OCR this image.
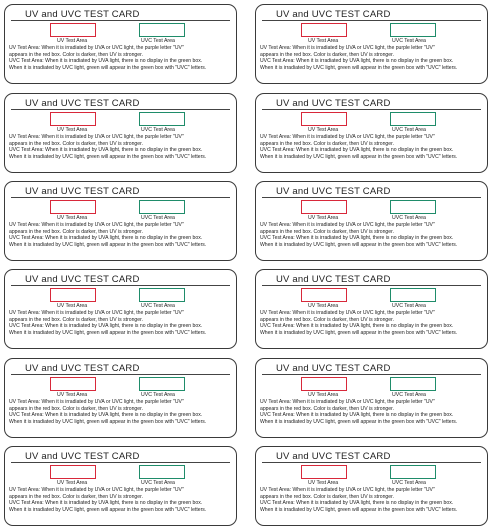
UV and UVC TEST CARD
UV Test Area	UVC Test Area
UV Test Area: When it is irradiated by UVA or UVC light, the purple letter "UV"
appears in the red box. Color is darker, then UV is stronger.
UVC Test Area: When it is irradiated by UVA light, there is no display in the green box.
When it is irradiated by UVC light, green will appear in the green box with "UVC" letters.
UV and UVC TEST CARD
UV Test Area	UVC Test Area
UV Test Area: When it is irradiated by UVA or UVC light, the purple letter "UV"
appears in the red box. Color is darker, then UV is stronger.
UVC Test Area: When it is irradiated by UVA light, there is no display in the green box.
When it is irradiated by UVC light, green will appear in the green box with "UVC" letters.
UV and UVC TEST CARD
UV Test Area	UVC Test Area
UV Test Area: When it is irradiated by UVA or UVC light, the purple letter "UV"
appears in the red box. Color is darker, then UV is stronger.
UVC Test Area: When it is irradiated by UVA light, there is no display in the green box.
When it is irradiated by UVC light, green will appear in the green box with "UVC" letters.
UV and UVC TEST CARD
UV Test Area	UVC Test Area
UV Test Area: When it is irradiated by UVA or UVC light, the purple letter "UV"
appears in the red box. Color is darker, then UV is stronger.
UVC Test Area: When it is irradiated by UVA light, there is no display in the green box.
When it is irradiated by UVC light, green will appear in the green box with "UVC" letters.
UV and UVC TEST CARD
UV Test Area	UVC Test Area
UV Test Area: When it is irradiated by UVA or UVC light, the purple letter "UV"
appears in the red box. Color is darker, then UV is stronger.
UVC Test Area: When it is irradiated by UVA light, there is no display in the green box.
When it is irradiated by UVC light, green will appear in the green box with "UVC" letters.
UV and UVC TEST CARD
UV Test Area	UVC Test Area
UV Test Area: When it is irradiated by UVA or UVC light, the purple letter "UV"
appears in the red box. Color is darker, then UV is stronger.
UVC Test Area: When it is irradiated by UVA light, there is no display in the green box.
When it is irradiated by UVC light, green will appear in the green box with "UVC" letters.
UV and UVC TEST CARD
UV Test Area	UVC Test Area
UV Test Area: When it is irradiated by UVA or UVC light, the purple letter "UV"
appears in the red box. Color is darker, then UV is stronger.
UVC Test Area: When it is irradiated by UVA light, there is no display in the green box.
When it is irradiated by UVC light, green will appear in the green box with "UVC" letters.
UV and UVC TEST CARD
UV Test Area	UVC Test Area
UV Test Area: When it is irradiated by UVA or UVC light, the purple letter "UV"
appears in the red box. Color is darker, then UV is stronger.
UVC Test Area: When it is irradiated by UVA light, there is no display in the green box.
When it is irradiated by UVC light, green will appear in the green box with "UVC" letters.
UV and UVC TEST CARD
UV Test Area	UVC Test Area
UV Test Area: When it is irradiated by UVA or UVC light, the purple letter "UV"
appears in the red box. Color is darker, then UV is stronger.
UVC Test Area: When it is irradiated by UVA light, there is no display in the green box.
When it is irradiated by UVC light, green will appear in the green box with "UVC" letters.
UV and UVC TEST CARD
UV Test Area	UVC Test Area
UV Test Area: When it is irradiated by UVA or UVC light, the purple letter "UV"
appears in the red box. Color is darker, then UV is stronger.
UVC Test Area: When it is irradiated by UVA light, there is no display in the green box.
When it is irradiated by UVC light, green will appear in the green box with "UVC" letters.
UV and UVC TEST CARD
UV Test Area	UVC Test Area
UV Test Area: When it is irradiated by UVA or UVC light, the purple letter "UV"
appears in the red box. Color is darker, then UV is stronger.
UVC Test Area: When it is irradiated by UVA light, there is no display in the green box.
When it is irradiated by UVC light, green will appear in the green box with "UVC" letters.
UV and UVC TEST CARD
UV Test Area	UVC Test Area
UV Test Area: When it is irradiated by UVA or UVC light, the purple letter "UV"
appears in the red box. Color is darker, then UV is stronger.
UVC Test Area: When it is irradiated by UVA light, there is no display in the green box.
When it is irradiated by UVC light, green will appear in the green box with "UVC" letters.
